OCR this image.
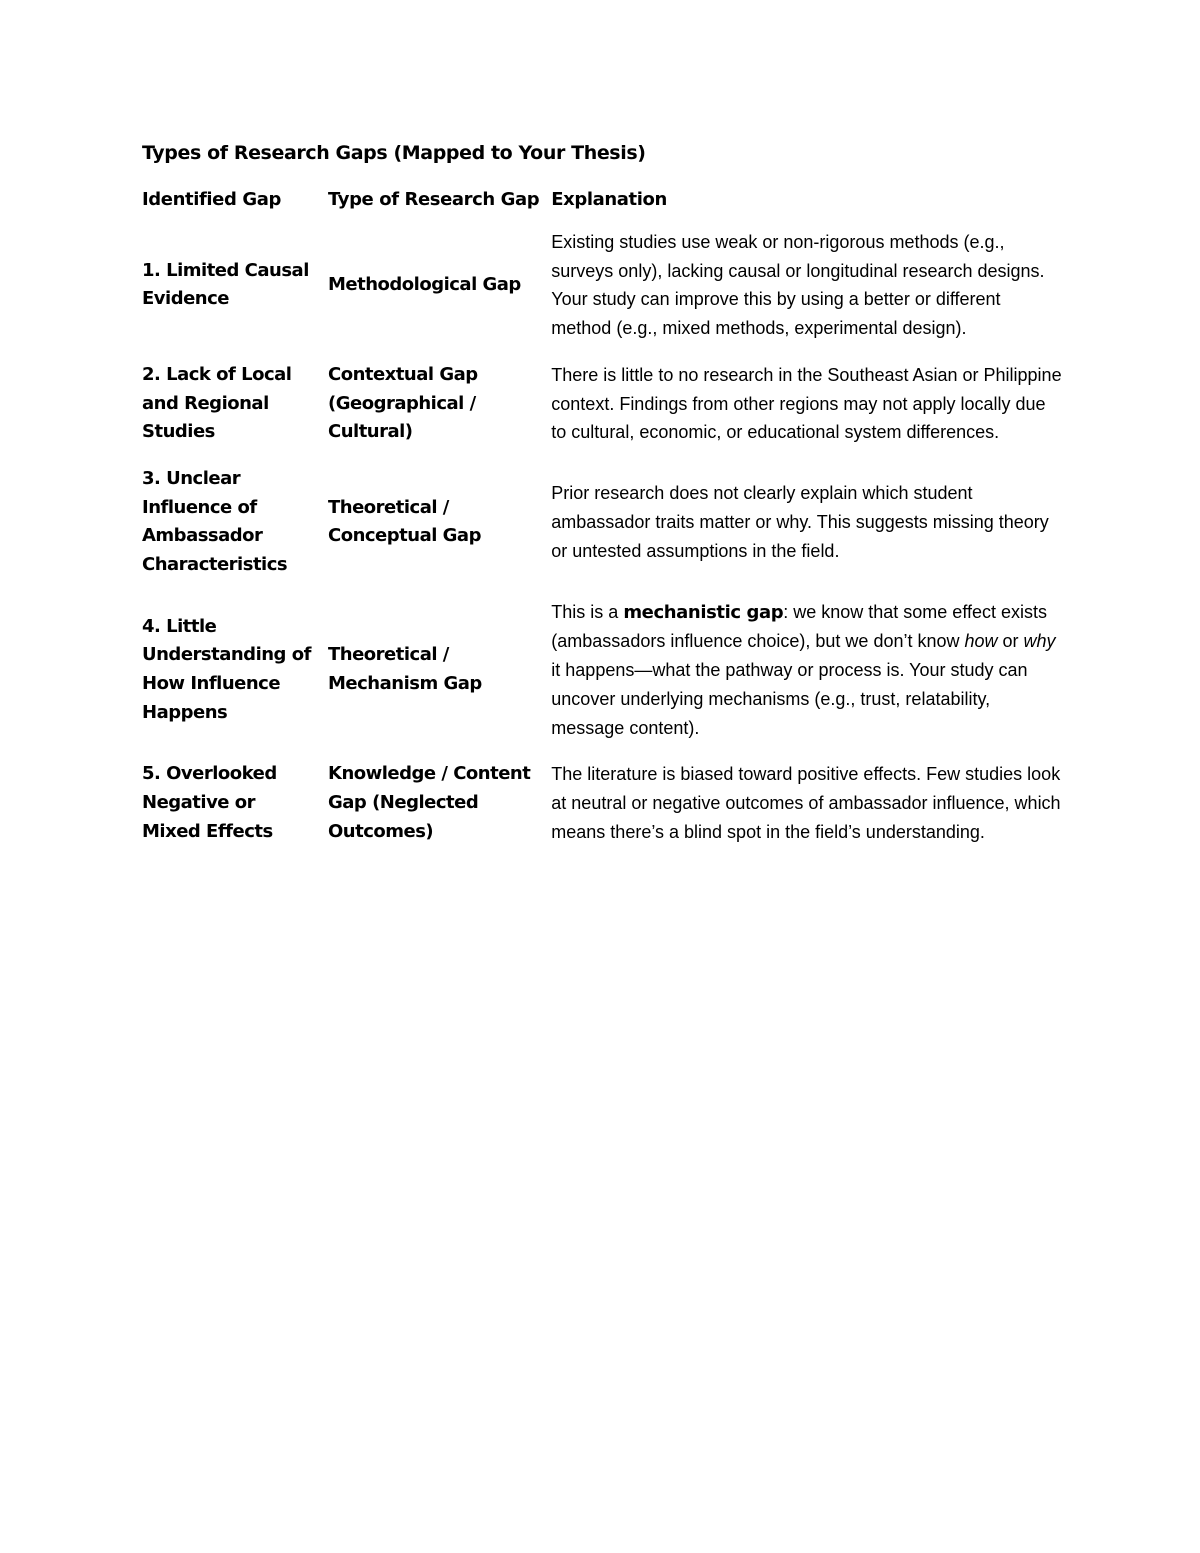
Types of Research Gaps (Mapped to Your Thesis)
Identified Gap	Type of Research Gap	Explanation
1. Limited Causal Evidence	Methodological Gap	Existing studies use weak or non-rigorous methods (e.g., surveys only), lacking causal or longitudinal research designs. Your study can improve this by using a better or different method (e.g., mixed methods, experimental design).
2. Lack of Local and Regional Studies	Contextual Gap (Geographical / Cultural)	There is little to no research in the Southeast Asian or Philippine context. Findings from other regions may not apply locally due to cultural, economic, or educational system differences.
3. Unclear Influence of Ambassador Characteristics	Theoretical / Conceptual Gap	Prior research does not clearly explain which student ambassador traits matter or why. This suggests missing theory or untested assumptions in the field.
4. Little Understanding of How Influence Happens	Theoretical / Mechanism Gap	This is a mechanistic gap: we know that some effect exists (ambassadors influence choice), but we don’t know how or why it happens—what the pathway or process is. Your study can uncover underlying mechanisms (e.g., trust, relatability, message content).
5. Overlooked Negative or Mixed Effects	Knowledge / Content Gap (Neglected Outcomes)	The literature is biased toward positive effects. Few studies look at neutral or negative outcomes of ambassador influence, which means there’s a blind spot in the field’s understanding.
